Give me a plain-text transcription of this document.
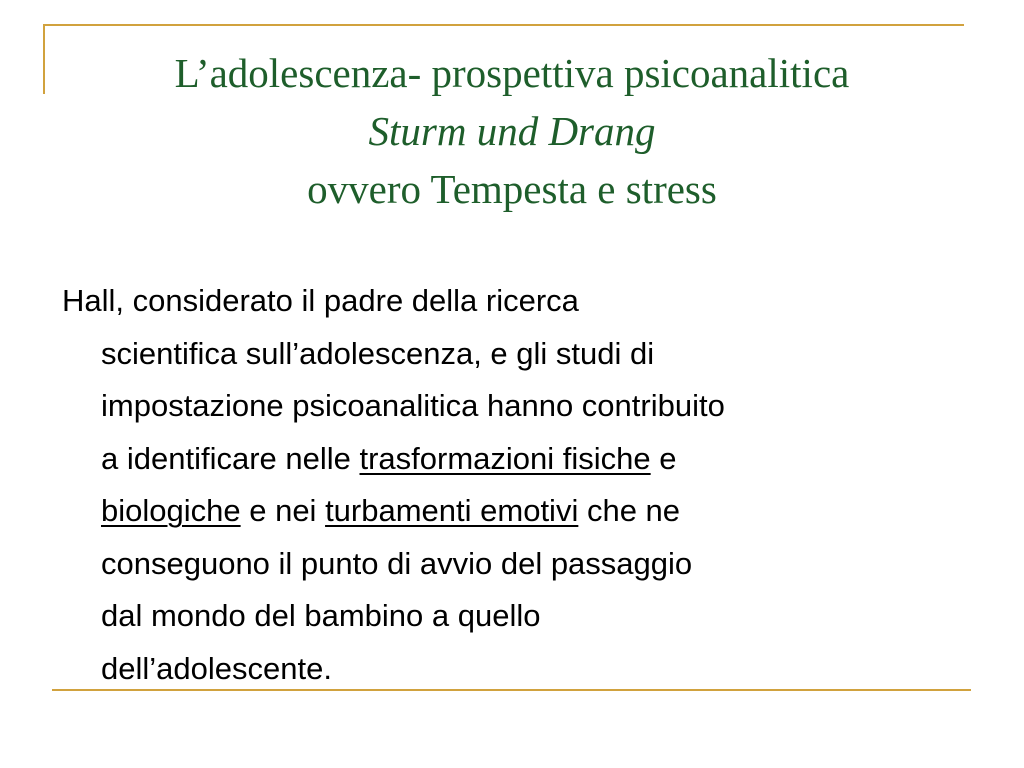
L’adolescenza- prospettiva psicoanalitica
Sturm und Drang
ovvero Tempesta e stress
Hall, considerato il padre della ricerca
scientifica sull’adolescenza, e gli studi di
impostazione psicoanalitica hanno contribuito
a identificare nelle trasformazioni fisiche e
biologiche e nei turbamenti emotivi che ne
conseguono il punto di avvio del passaggio
dal mondo del bambino a quello
dell’adolescente.
